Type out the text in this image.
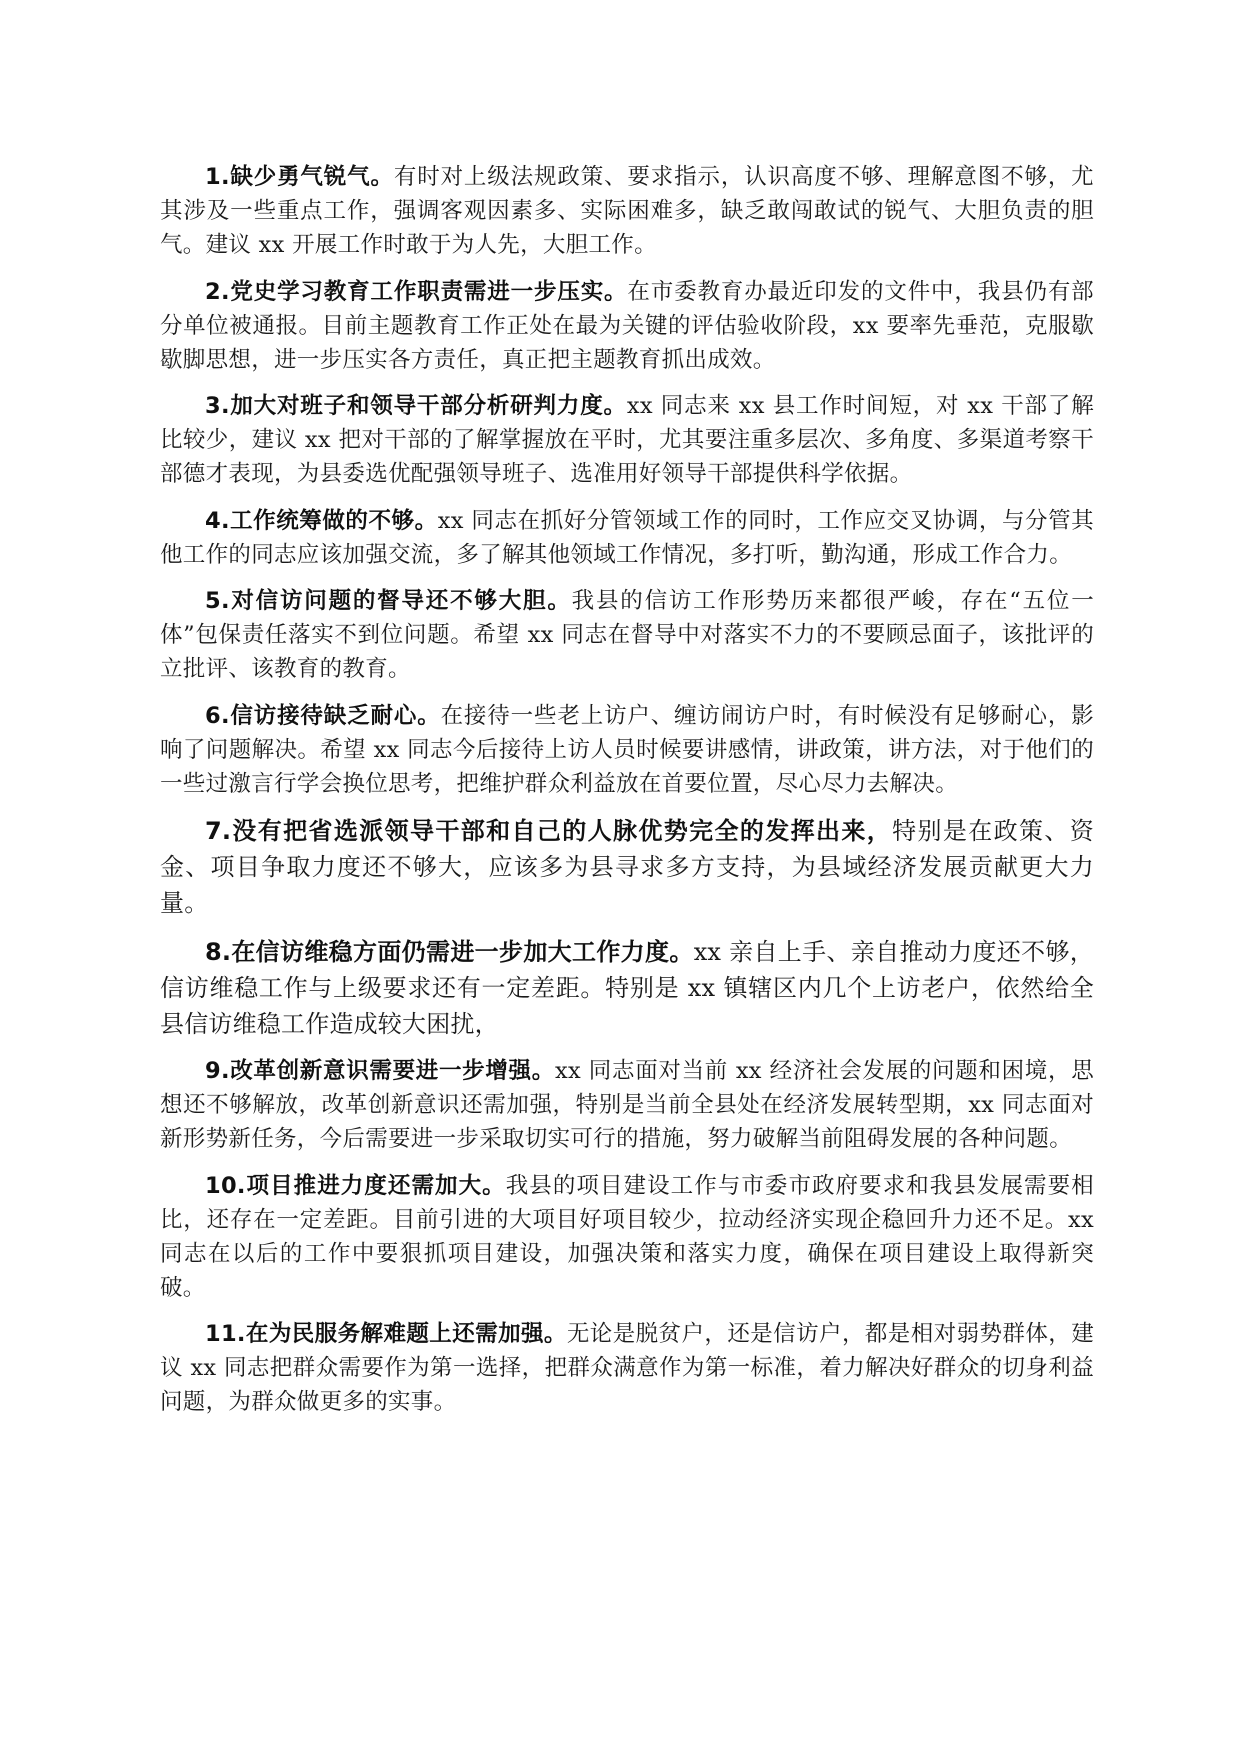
1.缺少勇气锐气。有时对上级法规政策、要求指示，认识高度不够、理解意图不够，尤其涉及一些重点工作，强调客观因素多、实际困难多，缺乏敢闯敢试的锐气、大胆负责的胆气。建议 xx 开展工作时敢于为人先，大胆工作。

2.党史学习教育工作职责需进一步压实。在市委教育办最近印发的文件中，我县仍有部分单位被通报。目前主题教育工作正处在最为关键的评估验收阶段，xx 要率先垂范，克服歇歇脚思想，进一步压实各方责任，真正把主题教育抓出成效。

3.加大对班子和领导干部分析研判力度。xx 同志来 xx 县工作时间短，对 xx 干部了解比较少，建议 xx 把对干部的了解掌握放在平时，尤其要注重多层次、多角度、多渠道考察干部德才表现，为县委选优配强领导班子、选准用好领导干部提供科学依据。

4.工作统筹做的不够。xx 同志在抓好分管领域工作的同时，工作应交叉协调，与分管其他工作的同志应该加强交流，多了解其他领域工作情况，多打听，勤沟通，形成工作合力。

5.对信访问题的督导还不够大胆。我县的信访工作形势历来都很严峻，存在“五位一体”包保责任落实不到位问题。希望 xx 同志在督导中对落实不力的不要顾忌面子，该批评的立批评、该教育的教育。

6.信访接待缺乏耐心。在接待一些老上访户、缠访闹访户时，有时候没有足够耐心，影响了问题解决。希望 xx 同志今后接待上访人员时候要讲感情，讲政策，讲方法，对于他们的一些过激言行学会换位思考，把维护群众利益放在首要位置，尽心尽力去解决。

7.没有把省选派领导干部和自己的人脉优势完全的发挥出来，特别是在政策、资金、项目争取力度还不够大，应该多为县寻求多方支持，为县域经济发展贡献更大力量。

8.在信访维稳方面仍需进一步加大工作力度。xx 亲自上手、亲自推动力度还不够，信访维稳工作与上级要求还有一定差距。特别是 xx 镇辖区内几个上访老户，依然给全县信访维稳工作造成较大困扰，

9.改革创新意识需要进一步增强。xx 同志面对当前 xx 经济社会发展的问题和困境，思想还不够解放，改革创新意识还需加强，特别是当前全县处在经济发展转型期，xx 同志面对新形势新任务，今后需要进一步采取切实可行的措施，努力破解当前阻碍发展的各种问题。

10.项目推进力度还需加大。我县的项目建设工作与市委市政府要求和我县发展需要相比，还存在一定差距。目前引进的大项目好项目较少，拉动经济实现企稳回升力还不足。xx 同志在以后的工作中要狠抓项目建设，加强决策和落实力度，确保在项目建设上取得新突破。

11.在为民服务解难题上还需加强。无论是脱贫户，还是信访户，都是相对弱势群体，建议 xx 同志把群众需要作为第一选择，把群众满意作为第一标准，着力解决好群众的切身利益问题，为群众做更多的实事。
